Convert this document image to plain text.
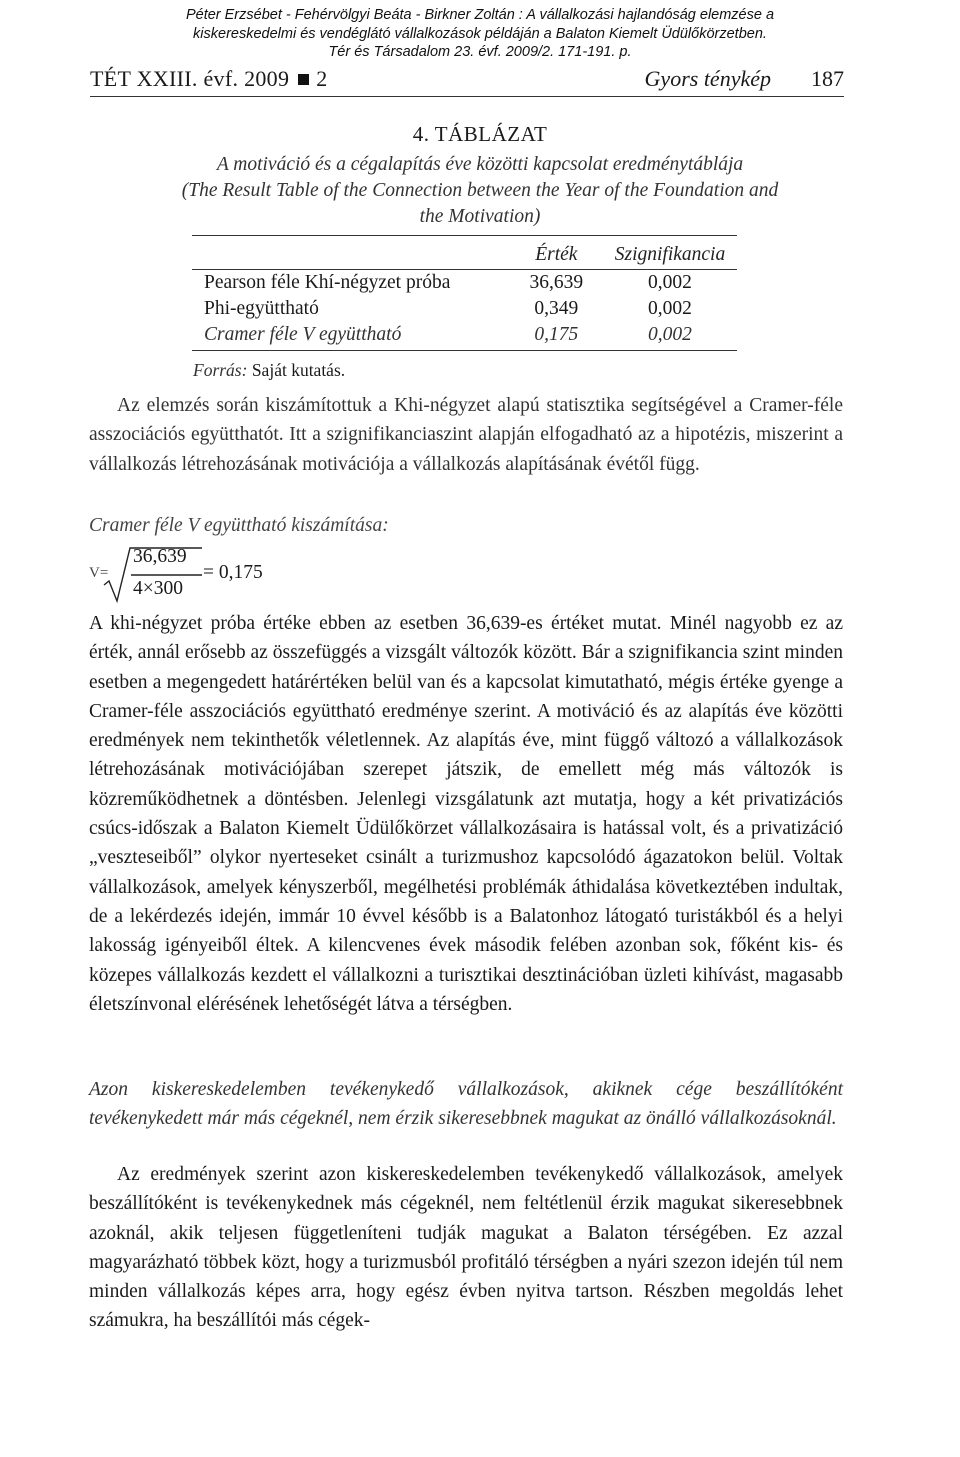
Péter Erzsébet - Fehérvölgyi Beáta - Birkner Zoltán : A vállalkozási hajlandóság elemzése a
kiskereskedelmi és vendéglátó vállalkozások példáján a Balaton Kiemelt Üdülőkörzetben.
Tér és Társadalom 23. évf. 2009/2. 171-191. p.
TÉT XXIII. évf. 2009 2	Gyors ténykép 187
4. TÁBLÁZAT
A motiváció és a cégalapítás éve közötti kapcsolat eredménytáblája
(The Result Table of the Connection between the Year of the Foundation and
the Motivation)
	Érték	Szignifikancia
Pearson féle Khí-négyzet próba	36,639	0,002
Phi-együttható	0,349	0,002
Cramer féle V együttható	0,175	0,002
Forrás: Saját kutatás.
Az elemzés során kiszámítottuk a Khi-négyzet alapú statisztika segítségével a Cramer-féle asszociációs együtthatót. Itt a szignifikanciaszint alapján elfogadható az a hipotézis, miszerint a vállalkozás létrehozásának motivációja a vállalkozás alapításának évétől függ.
Cramer féle V együttható kiszámítása:
V=
36,639
4×300
= 0,175
A khi-négyzet próba értéke ebben az esetben 36,639-es értéket mutat. Minél nagyobb ez az érték, annál erősebb az összefüggés a vizsgált változók között. Bár a szignifikancia szint minden esetben a megengedett határértéken belül van és a kapcsolat kimutatható, mégis értéke gyenge a Cramer-féle asszociációs együttható eredménye szerint. A motiváció és az alapítás éve közötti eredmények nem tekinthetők véletlennek. Az alapítás éve, mint függő változó a vállalkozások létrehozásának motivációjában szerepet játszik, de emellett még más változók is közreműködhetnek a döntésben. Jelenlegi vizsgálatunk azt mutatja, hogy a két privatizációs csúcs-időszak a Balaton Kiemelt Üdülőkörzet vállalkozásaira is hatással volt, és a privatizáció „veszteseiből” olykor nyerteseket csinált a turizmushoz kapcsolódó ágazatokon belül. Voltak vállalkozások, amelyek kényszerből, megélhetési problémák áthidalása következtében indultak, de a lekérdezés idején, immár 10 évvel később is a Balatonhoz látogató turistákból és a helyi lakosság igényeiből éltek. A kilencvenes évek második felében azonban sok, főként kis- és közepes vállalkozás kezdett el vállalkozni a turisztikai desztinációban üzleti kihívást, magasabb életszínvonal elérésének lehetőségét látva a térségben.
Azon kiskereskedelemben tevékenykedő vállalkozások, akiknek cége beszállítóként tevékenykedett már más cégeknél, nem érzik sikeresebbnek magukat az önálló vállalkozásoknál.
Az eredmények szerint azon kiskereskedelemben tevékenykedő vállalkozások, amelyek beszállítóként is tevékenykednek más cégeknél, nem feltétlenül érzik magukat sikeresebbnek azoknál, akik teljesen függetleníteni tudják magukat a Balaton térségében. Ez azzal magyarázható többek közt, hogy a turizmusból profitáló térségben a nyári szezon idején túl nem minden vállalkozás képes arra, hogy egész évben nyitva tartson. Részben megoldás lehet számukra, ha beszállítói más cégek-
